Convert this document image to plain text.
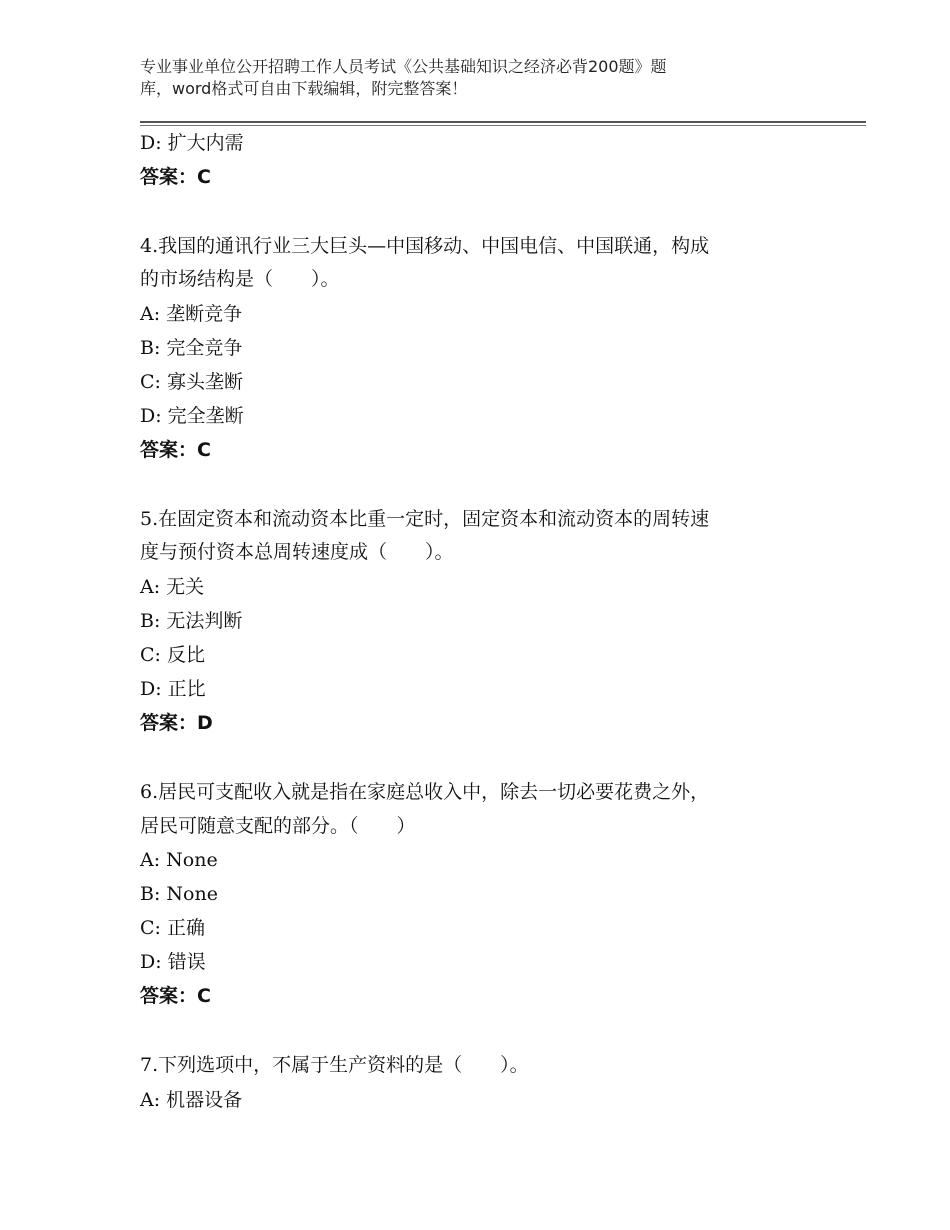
专业事业单位公开招聘工作人员考试《公共基础知识之经济必背200题》题
库，word格式可自由下载编辑，附完整答案！
D: 扩大内需
答案：C
4.我国的通讯行业三大巨头—中国移动、中国电信、中国联通，构成
的市场结构是（　　）。
A: 垄断竞争
B: 完全竞争
C: 寡头垄断
D: 完全垄断
答案：C
5.在固定资本和流动资本比重一定时，固定资本和流动资本的周转速
度与预付资本总周转速度成（　　）。
A: 无关
B: 无法判断
C: 反比
D: 正比
答案：D
6.居民可支配收入就是指在家庭总收入中，除去一切必要花费之外，
居民可随意支配的部分。（　　）
A: None
B: None
C: 正确
D: 错误
答案：C
7.下列选项中，不属于生产资料的是（　　）。
A: 机器设备
